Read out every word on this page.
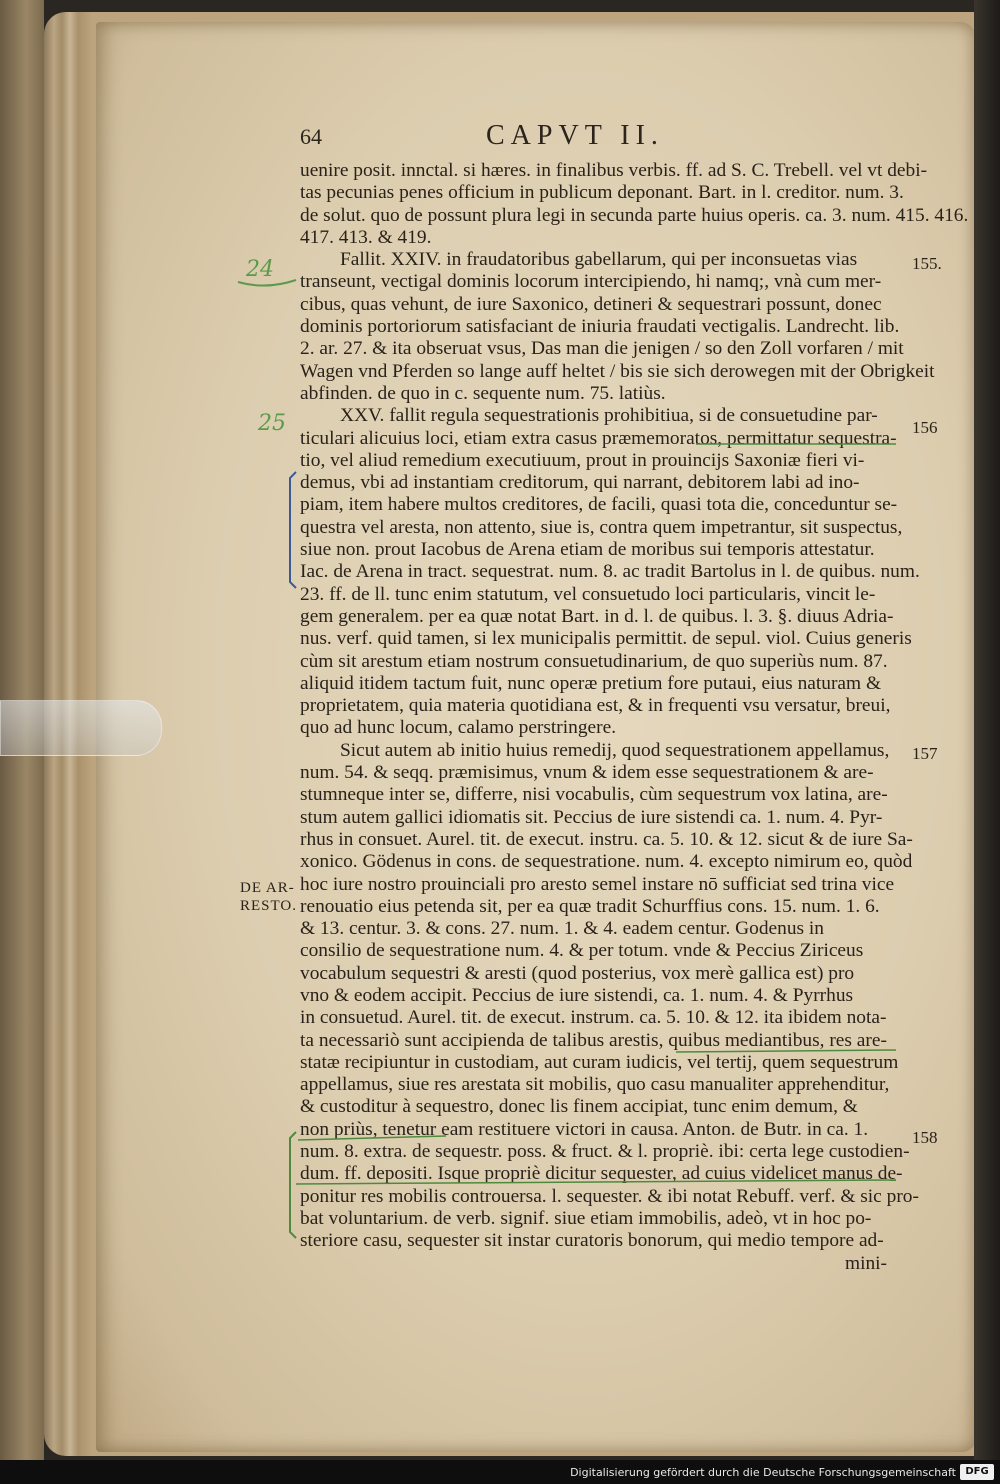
64	CAPVT II.
uenire posit. innctal. si hæres. in finalibus verbis. ff. ad S. C. Trebell. vel vt debi-
tas pecunias penes officium in publicum deponant. Bart. in l. creditor. num. 3.
de solut. quo de possunt plura legi in secunda parte huius operis. ca. 3. num. 415. 416.
417. 413. & 419.
Fallit. XXIV. in fraudatoribus gabellarum, qui per inconsuetas vias
transeunt, vectigal dominis locorum intercipiendo, hi namq;, vnà cum mer-
cibus, quas vehunt, de iure Saxonico, detineri & sequestrari possunt, donec
dominis portoriorum satisfaciant de iniuria fraudati vectigalis. Landrecht. lib.
2. ar. 27. & ita obseruat vsus, Das man die jenigen / so den Zoll vorfaren / mit
Wagen vnd Pferden so lange auff heltet / bis sie sich derowegen mit der Obrigkeit
abfinden. de quo in c. sequente num. 75. latiùs.
XXV. fallit regula sequestrationis prohibitiua, si de consuetudine par-
ticulari alicuius loci, etiam extra casus præmemoratos, permittatur sequestra-
tio, vel aliud remedium executiuum, prout in prouincijs Saxoniæ fieri vi-
demus, vbi ad instantiam creditorum, qui narrant, debitorem labi ad ino-
piam, item habere multos creditores, de facili, quasi tota die, conceduntur se-
questra vel aresta, non attento, siue is, contra quem impetrantur, sit suspectus,
siue non. prout Iacobus de Arena etiam de moribus sui temporis attestatur.
Iac. de Arena in tract. sequestrat. num. 8. ac tradit Bartolus in l. de quibus. num.
23. ff. de ll. tunc enim statutum, vel consuetudo loci particularis, vincit le-
gem generalem. per ea quæ notat Bart. in d. l. de quibus. l. 3. §. diuus Adria-
nus. verf. quid tamen, si lex municipalis permittit. de sepul. viol. Cuius generis
cùm sit arestum etiam nostrum consuetudinarium, de quo superiùs num. 87.
aliquid itidem tactum fuit, nunc operæ pretium fore putaui, eius naturam &
proprietatem, quia materia quotidiana est, & in frequenti vsu versatur, breui,
quo ad hunc locum, calamo perstringere.
Sicut autem ab initio huius remedij, quod sequestrationem appellamus,
num. 54. & seqq. præmisimus, vnum & idem esse sequestrationem & are-
stumneque inter se, differre, nisi vocabulis, cùm sequestrum vox latina, are-
stum autem gallici idiomatis sit. Peccius de iure sistendi ca. 1. num. 4. Pyr-
rhus in consuet. Aurel. tit. de execut. instru. ca. 5. 10. & 12. sicut & de iure Sa-
xonico. Gödenus in cons. de sequestratione. num. 4. excepto nimirum eo, quòd
hoc iure nostro prouinciali pro aresto semel instare nō sufficiat sed trina vice
renouatio eius petenda sit, per ea quæ tradit Schurffius cons. 15. num. 1. 6.
& 13. centur. 3. & cons. 27. num. 1. & 4. eadem centur. Godenus in
consilio de sequestratione num. 4. & per totum. vnde & Peccius Ziriceus
vocabulum sequestri & aresti (quod posterius, vox merè gallica est) pro
vno & eodem accipit. Peccius de iure sistendi, ca. 1. num. 4. & Pyrrhus
in consuetud. Aurel. tit. de execut. instrum. ca. 5. 10. & 12. ita ibidem nota-
ta necessariò sunt accipienda de talibus arestis, quibus mediantibus, res are-
statæ recipiuntur in custodiam, aut curam iudicis, vel tertij, quem sequestrum
appellamus, siue res arestata sit mobilis, quo casu manualiter apprehenditur,
& custoditur à sequestro, donec lis finem accipiat, tunc enim demum, &
non priùs, tenetur eam restituere victori in causa. Anton. de Butr. in ca. 1.
num. 8. extra. de sequestr. poss. & fruct. & l. propriè. ibi: certa lege custodien-
dum. ff. depositi. Isque propriè dicitur sequester, ad cuius videlicet manus de-
ponitur res mobilis controuersa. l. sequester. & ibi notat Rebuff. verf. & sic pro-
bat voluntarium. de verb. signif. siue etiam immobilis, adeò, vt in hoc po-
steriore casu, sequester sit instar curatoris bonorum, qui medio tempore ad-
mini-
155.
156
157
158
DE AR-
RESTO.
24
25
Digitalisierung gefördert durch die Deutsche Forschungsgemeinschaft DFG
